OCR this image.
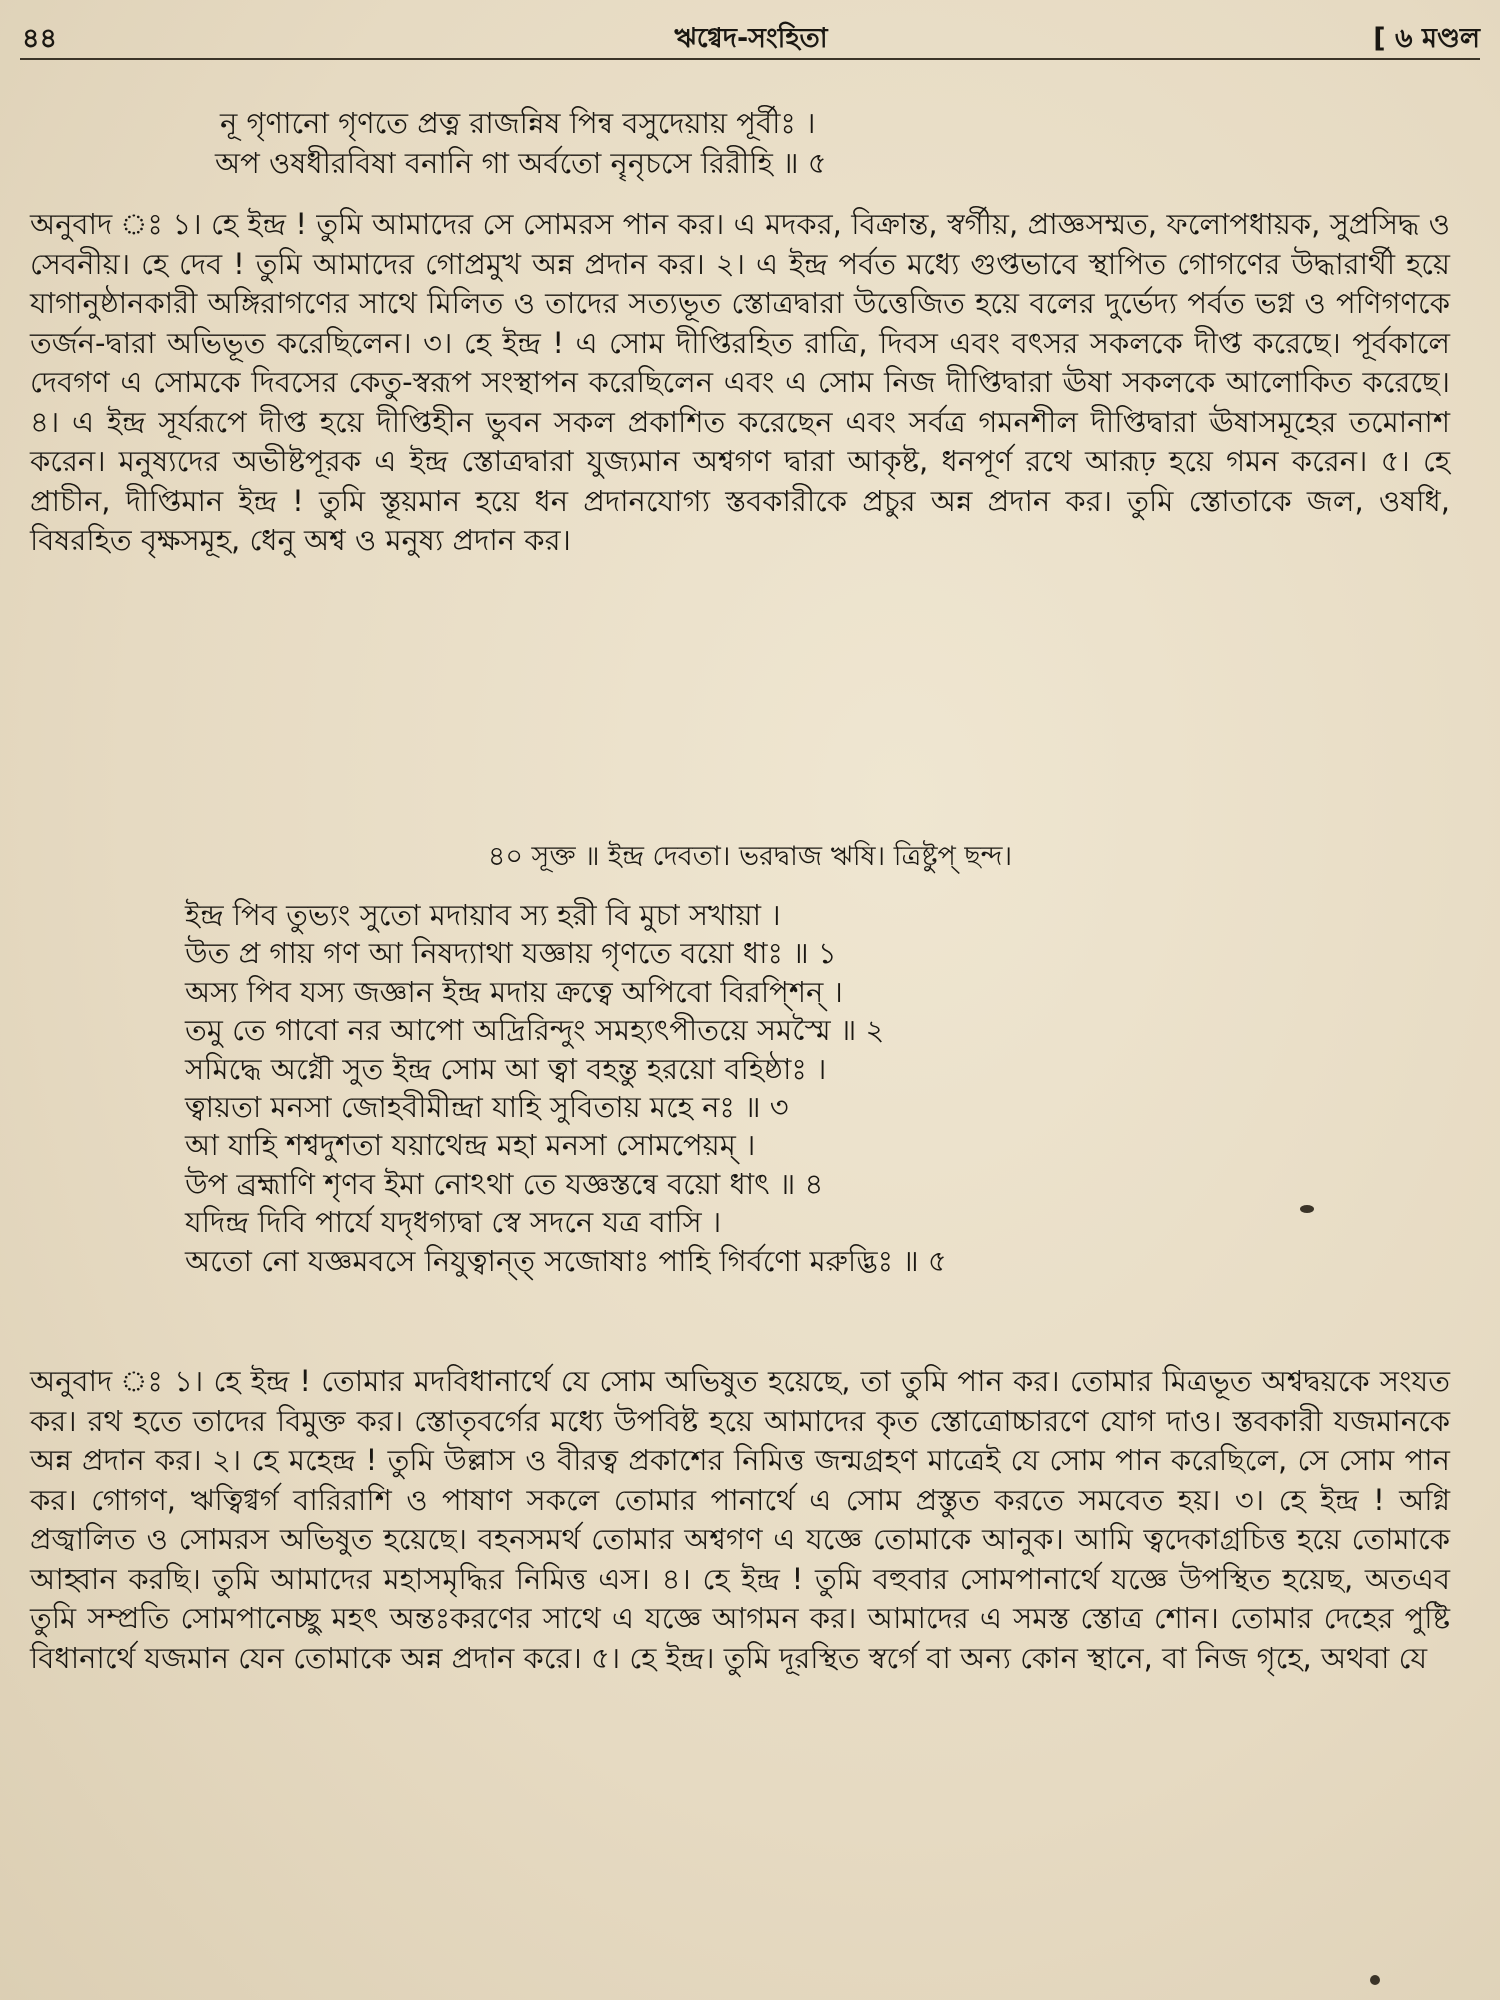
৪৪	ঋগ্বেদ-সংহিতা	[ ৬ মণ্ডল
নূ গৃণানো গৃণতে প্রত্ন রাজন্নিষ পিন্ব বসুদেয়ায় পূর্বীঃ ।
অপ ওষধীরবিষা বনানি গা অর্বতো নৄনৃচসে রিরীহি ॥ ৫
অনুবাদ ঃ ১। হে ইন্দ্র ! তুমি আমাদের সে সোমরস পান কর। এ মদকর, বিক্রান্ত, স্বর্গীয়, প্রাজ্ঞসম্মত, ফলোপধায়ক, সুপ্রসিদ্ধ ও সেবনীয়। হে দেব ! তুমি আমাদের গোপ্রমুখ অন্ন প্রদান কর। ২। এ ইন্দ্র পর্বত মধ্যে গুপ্তভাবে স্থাপিত গোগণের উদ্ধারার্থী হয়ে যাগানুষ্ঠানকারী অঙ্গিরাগণের সাথে মিলিত ও তাদের সত্যভূত স্তোত্রদ্বারা উত্তেজিত হয়ে বলের দুর্ভেদ্য পর্বত ভগ্ন ও পণিগণকে তর্জন-দ্বারা অভিভূত করেছিলেন। ৩। হে ইন্দ্র ! এ সোম দীপ্তিরহিত রাত্রি, দিবস এবং বৎসর সকলকে দীপ্ত করেছে। পূর্বকালে দেবগণ এ সোমকে দিবসের কেতু-স্বরূপ সংস্থাপন করেছিলেন এবং এ সোম নিজ দীপ্তিদ্বারা ঊষা সকলকে আলোকিত করেছে। ৪। এ ইন্দ্র সূর্যরূপে দীপ্ত হয়ে দীপ্তিহীন ভুবন সকল প্রকাশিত করেছেন এবং সর্বত্র গমনশীল দীপ্তিদ্বারা ঊষাসমূহের তমোনাশ করেন। মনুষ্যদের অভীষ্টপূরক এ ইন্দ্র স্তোত্রদ্বারা যুজ্যমান অশ্বগণ দ্বারা আকৃষ্ট, ধনপূর্ণ রথে আরূঢ় হয়ে গমন করেন। ৫। হে প্রাচীন, দীপ্তিমান ইন্দ্র ! তুমি স্তূয়মান হয়ে ধন প্রদানযোগ্য স্তবকারীকে প্রচুর অন্ন প্রদান কর। তুমি স্তোতাকে জল, ওষধি, বিষরহিত বৃক্ষসমূহ, ধেনু অশ্ব ও মনুষ্য প্রদান কর।
৪০ সূক্ত ॥ ইন্দ্র দেবতা। ভরদ্বাজ ঋষি। ত্রিষ্টুপ্ ছন্দ।
ইন্দ্র পিব তুভ্যং সুতো মদায়াব স্য হরী বি মুচা সখায়া ।
উত প্র গায় গণ আ নিষদ্যাথা যজ্ঞায় গৃণতে বয়ো ধাঃ ॥ ১
অস্য পিব যস্য জজ্ঞান ইন্দ্র মদায় ক্রত্বে অপিবো বিরপ্শিন্ ।
তমু তে গাবো নর আপো অদ্রিরিন্দুং সমহ্যৎপীতয়ে সমস্মৈ ॥ ২
সমিদ্ধে অগ্নৌ সুত ইন্দ্র সোম আ ত্বা বহন্তু হরয়ো বহিষ্ঠাঃ ।
ত্বায়তা মনসা জোহবীমীন্দ্রা যাহি সুবিতায় মহে নঃ ॥ ৩
আ যাহি শশ্বদুশতা যয়াথেন্দ্র মহা মনসা সোমপেয়ম্ ।
উপ ব্রহ্মাণি শৃণব ইমা নোঽথা তে যজ্ঞস্তন্বে বয়ো ধাৎ ॥ ৪
যদিন্দ্র দিবি পার্যে যদৃধগ্যদ্বা স্বে সদনে যত্র বাসি ।
অতো নো যজ্ঞমবসে নিযুত্বান্ত্‌ সজোষাঃ পাহি গির্বণো মরুদ্ভিঃ ॥ ৫
অনুবাদ ঃ ১। হে ইন্দ্র ! তোমার মদবিধানার্থে যে সোম অভিষুত হয়েছে, তা তুমি পান কর। তোমার মিত্রভূত অশ্বদ্বয়কে সংযত কর। রথ হতে তাদের বিমুক্ত কর। স্তোতৃবর্গের মধ্যে উপবিষ্ট হয়ে আমাদের কৃত স্তোত্রোচ্চারণে যোগ দাও। স্তবকারী যজমানকে অন্ন প্রদান কর। ২। হে মহেন্দ্র ! তুমি উল্লাস ও বীরত্ব প্রকাশের নিমিত্ত জন্মগ্রহণ মাত্রেই যে সোম পান করেছিলে, সে সোম পান কর। গোগণ, ঋত্বিগ্বর্গ বারিরাশি ও পাষাণ সকলে তোমার পানার্থে এ সোম প্রস্তুত করতে সমবেত হয়। ৩। হে ইন্দ্র ! অগ্নি প্রজ্বালিত ও সোমরস অভিষুত হয়েছে। বহনসমর্থ তোমার অশ্বগণ এ যজ্ঞে তোমাকে আনুক। আমি ত্বদেকাগ্রচিত্ত হয়ে তোমাকে আহ্বান করছি। তুমি আমাদের মহাসমৃদ্ধির নিমিত্ত এস। ৪। হে ইন্দ্র ! তুমি বহুবার সোমপানার্থে যজ্ঞে উপস্থিত হয়েছ, অতএব তুমি সম্প্রতি সোমপানেচ্ছু মহৎ অন্তঃকরণের সাথে এ যজ্ঞে আগমন কর। আমাদের এ সমস্ত স্তোত্র শোন। তোমার দেহের পুষ্টি বিধানার্থে যজমান যেন তোমাকে অন্ন প্রদান করে। ৫। হে ইন্দ্র। তুমি দূরস্থিত স্বর্গে বা অন্য কোন স্থানে, বা নিজ গৃহে, অথবা যে
